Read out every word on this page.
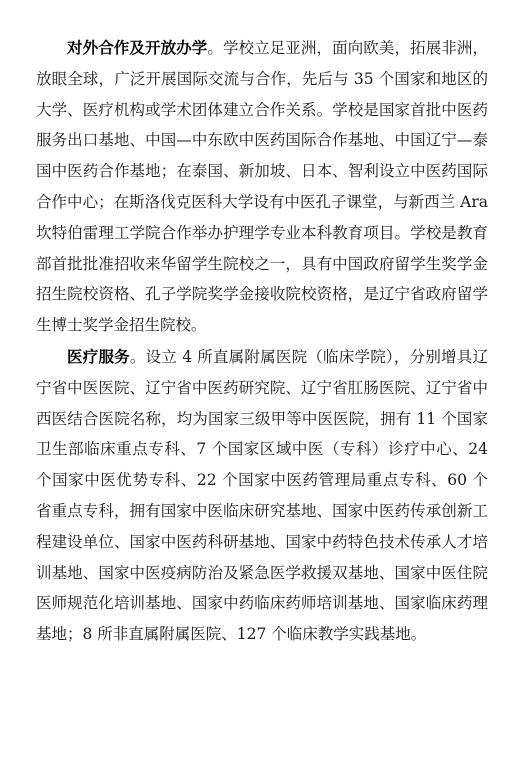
对外合作及开放办学。学校立足亚洲，面向欧美，拓展非洲，放眼全球，广泛开展国际交流与合作，先后与 35 个国家和地区的大学、医疗机构或学术团体建立合作关系。学校是国家首批中医药服务出口基地、中国—中东欧中医药国际合作基地、中国辽宁—泰国中医药合作基地；在泰国、新加坡、日本、智利设立中医药国际合作中心；在斯洛伐克医科大学设有中医孔子课堂，与新西兰 Ara 坎特伯雷理工学院合作举办护理学专业本科教育项目。学校是教育部首批批准招收来华留学生院校之一，具有中国政府留学生奖学金招生院校资格、孔子学院奖学金接收院校资格，是辽宁省政府留学生博士奖学金招生院校。

医疗服务。设立 4 所直属附属医院（临床学院），分别增具辽宁省中医医院、辽宁省中医药研究院、辽宁省肛肠医院、辽宁省中西医结合医院名称，均为国家三级甲等中医医院，拥有 11 个国家卫生部临床重点专科、7 个国家区域中医（专科）诊疗中心、24 个国家中医优势专科、22 个国家中医药管理局重点专科、60 个省重点专科，拥有国家中医临床研究基地、国家中医药传承创新工程建设单位、国家中医药科研基地、国家中药特色技术传承人才培训基地、国家中医疫病防治及紧急医学救援双基地、国家中医住院医师规范化培训基地、国家中药临床药师培训基地、国家临床药理基地；8 所非直属附属医院、127 个临床教学实践基地。
